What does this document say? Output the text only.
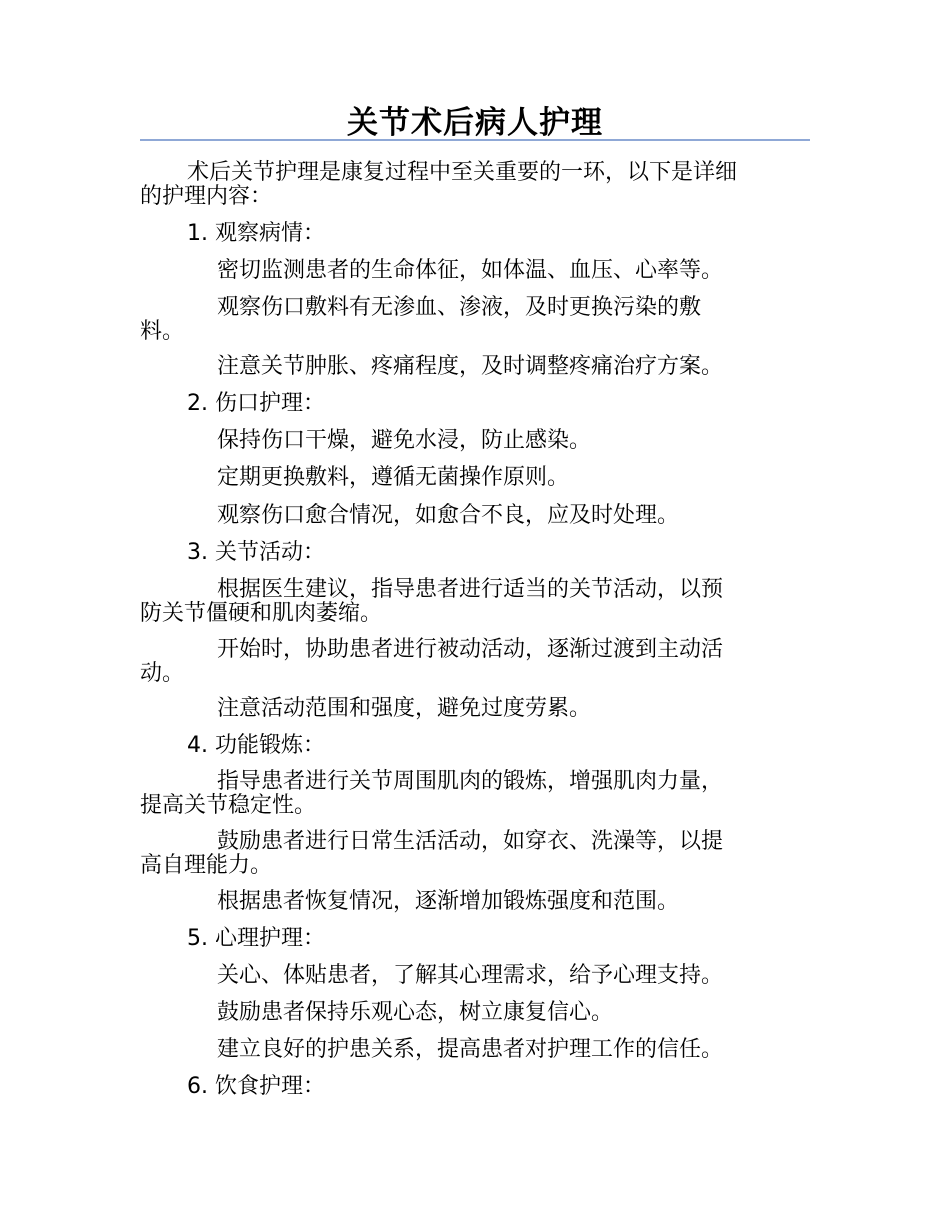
关节术后病人护理
术后关节护理是康复过程中至关重要的一环，以下是详细
的护理内容：
1. 观察病情：
密切监测患者的生命体征，如体温、血压、心率等。
观察伤口敷料有无渗血、渗液，及时更换污染的敷
料。
注意关节肿胀、疼痛程度，及时调整疼痛治疗方案。
2. 伤口护理：
保持伤口干燥，避免水浸，防止感染。
定期更换敷料，遵循无菌操作原则。
观察伤口愈合情况，如愈合不良，应及时处理。
3. 关节活动：
根据医生建议，指导患者进行适当的关节活动，以预
防关节僵硬和肌肉萎缩。
开始时，协助患者进行被动活动，逐渐过渡到主动活
动。
注意活动范围和强度，避免过度劳累。
4. 功能锻炼：
指导患者进行关节周围肌肉的锻炼，增强肌肉力量，
提高关节稳定性。
鼓励患者进行日常生活活动，如穿衣、洗澡等，以提
高自理能力。
根据患者恢复情况，逐渐增加锻炼强度和范围。
5. 心理护理：
关心、体贴患者，了解其心理需求，给予心理支持。
鼓励患者保持乐观心态，树立康复信心。
建立良好的护患关系，提高患者对护理工作的信任。
6. 饮食护理：
